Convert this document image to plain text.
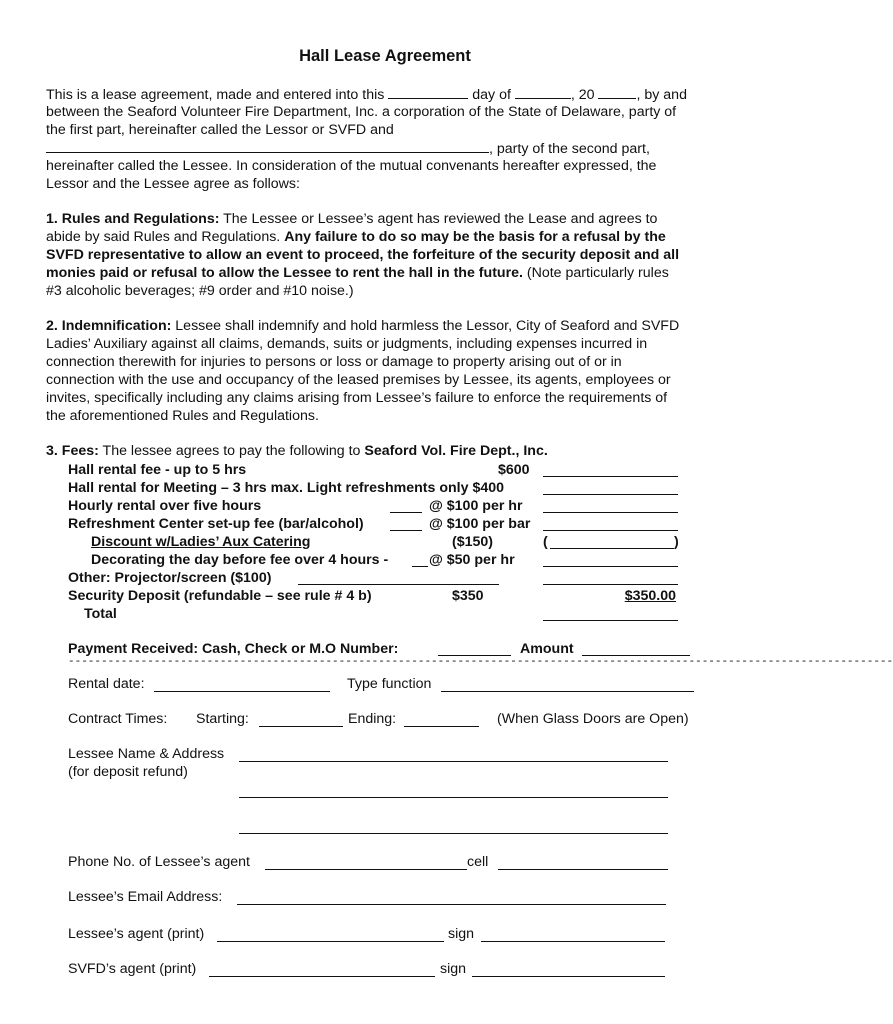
Hall Lease Agreement
This is a lease agreement, made and entered into this	day of	, 20	, by and
between the Seaford Volunteer Fire Department, Inc. a corporation of the State of Delaware, party of
the first part, hereinafter called the Lessor or SVFD and
, party of the second part,
hereinafter called the Lessee. In consideration of the mutual convenants hereafter expressed, the
Lessor and the Lessee agree as follows:
1. Rules and Regulations: The Lessee or Lessee’s agent has reviewed the Lease and agrees to
abide by said Rules and Regulations. Any failure to do so may be the basis for a refusal by the
SVFD representative to allow an event to proceed, the forfeiture of the security deposit and all
monies paid or refusal to allow the Lessee to rent the hall in the future. (Note particularly rules
#3 alcoholic beverages; #9 order and #10 noise.)
2. Indemnification: Lessee shall indemnify and hold harmless the Lessor, City of Seaford and SVFD
Ladies’ Auxiliary against all claims, demands, suits or judgments, including expenses incurred in
connection therewith for injuries to persons or loss or damage to property arising out of or in
connection with the use and occupancy of the leased premises by Lessee, its agents, employees or
invites, specifically including any claims arising from Lessee’s failure to enforce the requirements of
the aforementioned Rules and Regulations.
3. Fees: The lessee agrees to pay the following to Seaford Vol. Fire Dept., Inc.
Hall rental fee - up to 5 hrs	$600
Hall rental for Meeting – 3 hrs max. Light refreshments only $400
Hourly rental over five hours	@ $100 per hr
Refreshment Center set-up fee (bar/alcohol)	@ $100 per bar
Discount w/Ladies’ Aux Catering	($150)	(	)
Decorating the day before fee over 4 hours -	@ $50 per hr
Other: Projector/screen ($100)
Security Deposit (refundable – see rule # 4 b)	$350	$350.00
Total
Payment Received: Cash, Check or M.O Number:	Amount
-----------------------------------------------------------------------------------------------------------------------------
Rental date:	Type function
Contract Times: Starting:	Ending:	(When Glass Doors are Open)
Lessee Name & Address
(for deposit refund)
Phone No. of Lessee’s agent	cell
Lessee’s Email Address:
Lessee’s agent (print)	sign
SVFD’s agent (print)	sign
